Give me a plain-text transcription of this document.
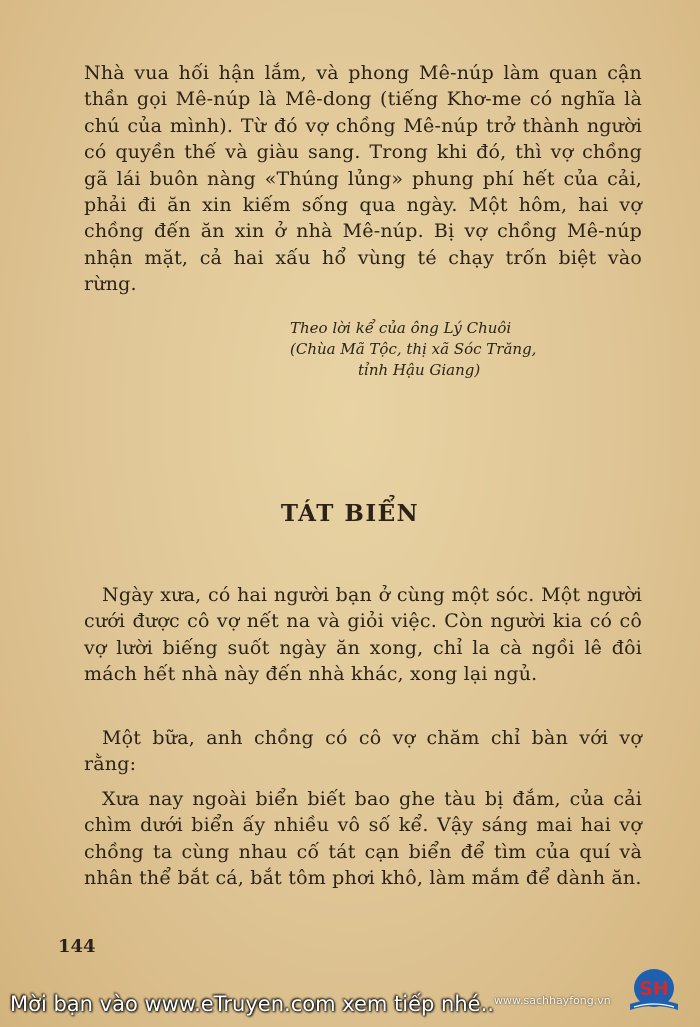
Nhà vua hối hận lắm, và phong Mê-núp làm quan cận thần gọi Mê-núp là Mê-dong (tiếng Khơ-me có nghĩa là chú của mình). Từ đó vợ chồng Mê-núp trở thành người có quyền thế và giàu sang. Trong khi đó, thì vợ chồng gã lái buôn nàng «Thúng lủng» phung phí hết của cải, phải đi ăn xin kiếm sống qua ngày. Một hôm, hai vợ chồng đến ăn xin ở nhà Mê-núp. Bị vợ chồng Mê-núp nhận mặt, cả hai xấu hổ vùng té chạy trốn biệt vào rừng.

Theo lời kể của ông Lý Chuôi
(Chùa Mã Tộc, thị xã Sóc Trăng,
tỉnh Hậu Giang)

TÁT BIỂN

Ngày xưa, có hai người bạn ở cùng một sóc. Một người cưới được cô vợ nết na và giỏi việc. Còn người kia có cô vợ lười biếng suốt ngày ăn xong, chỉ la cà ngồi lê đôi mách hết nhà này đến nhà khác, xong lại ngủ.

Một bữa, anh chồng có cô vợ chăm chỉ bàn với vợ rằng:

Xưa nay ngoài biển biết bao ghe tàu bị đắm, của cải chìm dưới biển ấy nhiều vô số kể. Vậy sáng mai hai vợ chồng ta cùng nhau cố tát cạn biển để tìm của quí và nhân thể bắt cá, bắt tôm phơi khô, làm mắm để dành ăn.

144

Mời bạn vào www.eTruyen.com xem tiếp nhé.. www.sachhayfong.vn
SH
